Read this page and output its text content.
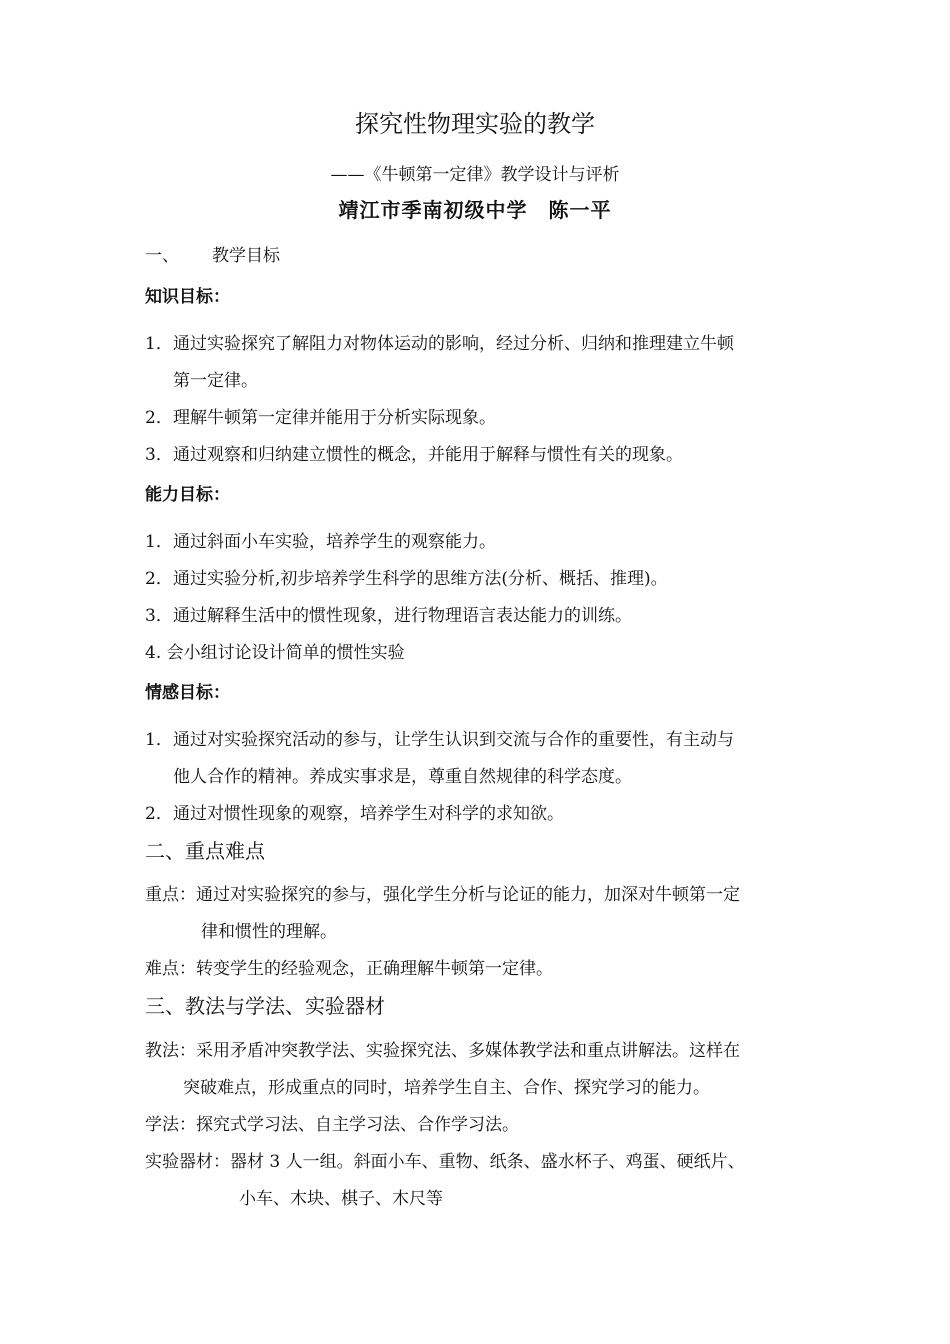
探究性物理实验的教学
——《牛顿第一定律》教学设计与评析
靖江市季南初级中学　陈一平
一、 教学目标
知识目标：
1．通过实验探究了解阻力对物体运动的影响，经过分析、归纳和推理建立牛顿
第一定律。
2．理解牛顿第一定律并能用于分析实际现象。
3．通过观察和归纳建立惯性的概念，并能用于解释与惯性有关的现象。
能力目标：
1．通过斜面小车实验，培养学生的观察能力。
2．通过实验分析,初步培养学生科学的思维方法(分析、概括、推理)。
3．通过解释生活中的惯性现象，进行物理语言表达能力的训练。
4. 会小组讨论设计简单的惯性实验
情感目标：
1．通过对实验探究活动的参与，让学生认识到交流与合作的重要性，有主动与
他人合作的精神。养成实事求是，尊重自然规律的科学态度。
2．通过对惯性现象的观察，培养学生对科学的求知欲。
二、重点难点
重点：通过对实验探究的参与，强化学生分析与论证的能力，加深对牛顿第一定
律和惯性的理解。
难点：转变学生的经验观念，正确理解牛顿第一定律。
三、教法与学法、实验器材
教法：采用矛盾冲突教学法、实验探究法、多媒体教学法和重点讲解法。这样在
突破难点，形成重点的同时，培养学生自主、合作、探究学习的能力。
学法：探究式学习法、自主学习法、合作学习法。
实验器材：器材 3 人一组。斜面小车、重物、纸条、盛水杯子、鸡蛋、硬纸片、
小车、木块、棋子、木尺等
